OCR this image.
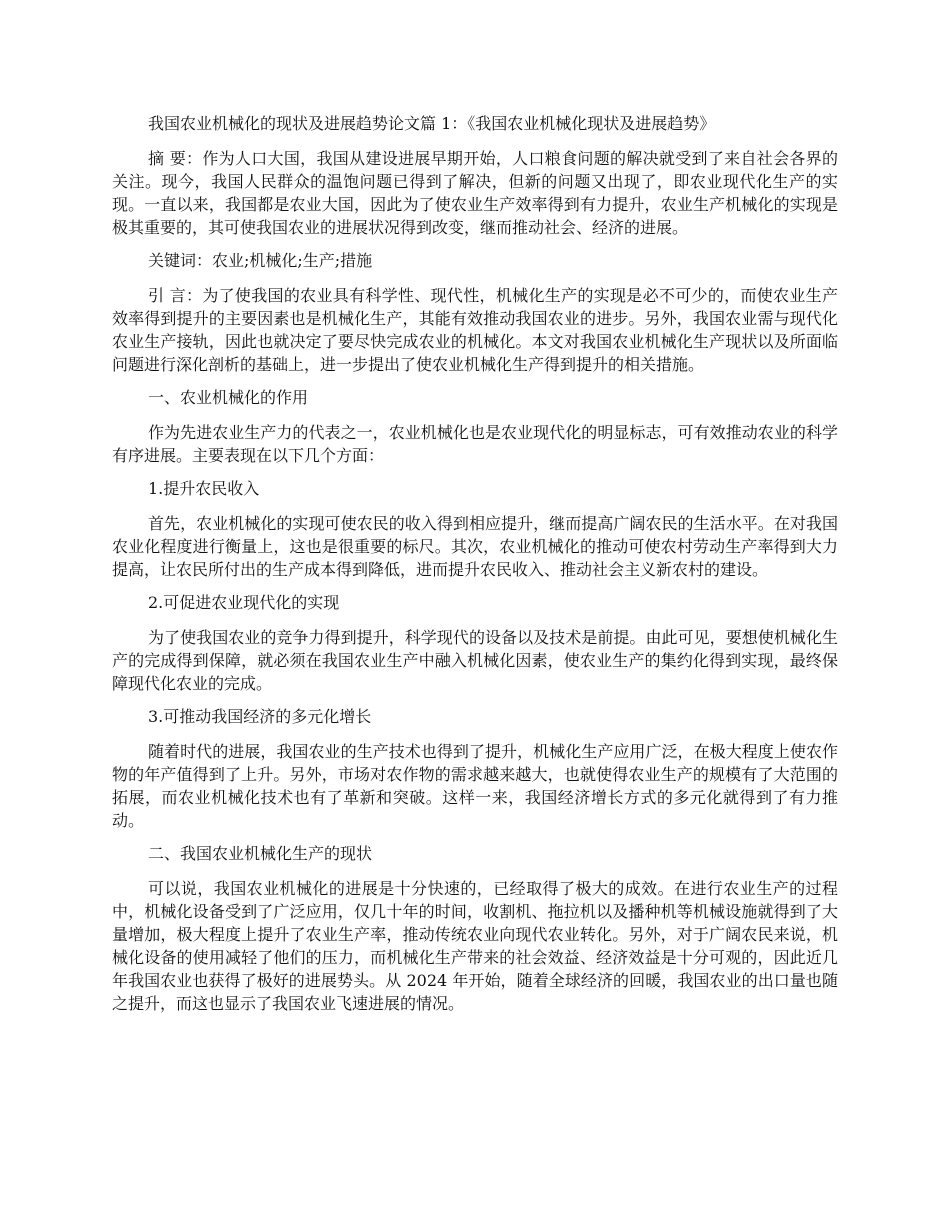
我国农业机械化的现状及进展趋势论文篇 1：《我国农业机械化现状及进展趋势》

摘 要：作为人口大国，我国从建设进展早期开始，人口粮食问题的解决就受到了来自社会各界的关注。现今，我国人民群众的温饱问题已得到了解决，但新的问题又出现了，即农业现代化生产的实现。一直以来，我国都是农业大国，因此为了使农业生产效率得到有力提升，农业生产机械化的实现是极其重要的，其可使我国农业的进展状况得到改变，继而推动社会、经济的进展。

关键词：农业;机械化;生产;措施

引 言：为了使我国的农业具有科学性、现代性，机械化生产的实现是必不可少的，而使农业生产效率得到提升的主要因素也是机械化生产，其能有效推动我国农业的进步。另外，我国农业需与现代化农业生产接轨，因此也就决定了要尽快完成农业的机械化。本文对我国农业机械化生产现状以及所面临问题进行深化剖析的基础上，进一步提出了使农业机械化生产得到提升的相关措施。

一、农业机械化的作用

作为先进农业生产力的代表之一，农业机械化也是农业现代化的明显标志，可有效推动农业的科学有序进展。主要表现在以下几个方面：

1.提升农民收入

首先，农业机械化的实现可使农民的收入得到相应提升，继而提高广阔农民的生活水平。在对我国农业化程度进行衡量上，这也是很重要的标尺。其次，农业机械化的推动可使农村劳动生产率得到大力提高，让农民所付出的生产成本得到降低，进而提升农民收入、推动社会主义新农村的建设。

2.可促进农业现代化的实现

为了使我国农业的竞争力得到提升，科学现代的设备以及技术是前提。由此可见，要想使机械化生产的完成得到保障，就必须在我国农业生产中融入机械化因素，使农业生产的集约化得到实现，最终保障现代化农业的完成。

3.可推动我国经济的多元化增长

随着时代的进展，我国农业的生产技术也得到了提升，机械化生产应用广泛，在极大程度上使农作物的年产值得到了上升。另外，市场对农作物的需求越来越大，也就使得农业生产的规模有了大范围的拓展，而农业机械化技术也有了革新和突破。这样一来，我国经济增长方式的多元化就得到了有力推动。

二、我国农业机械化生产的现状

可以说，我国农业机械化的进展是十分快速的，已经取得了极大的成效。在进行农业生产的过程中，机械化设备受到了广泛应用，仅几十年的时间，收割机、拖拉机以及播种机等机械设施就得到了大量增加，极大程度上提升了农业生产率，推动传统农业向现代农业转化。另外，对于广阔农民来说，机械化设备的使用减轻了他们的压力，而机械化生产带来的社会效益、经济效益是十分可观的，因此近几年我国农业也获得了极好的进展势头。从 2024 年开始，随着全球经济的回暖，我国农业的出口量也随之提升，而这也显示了我国农业飞速进展的情况。
